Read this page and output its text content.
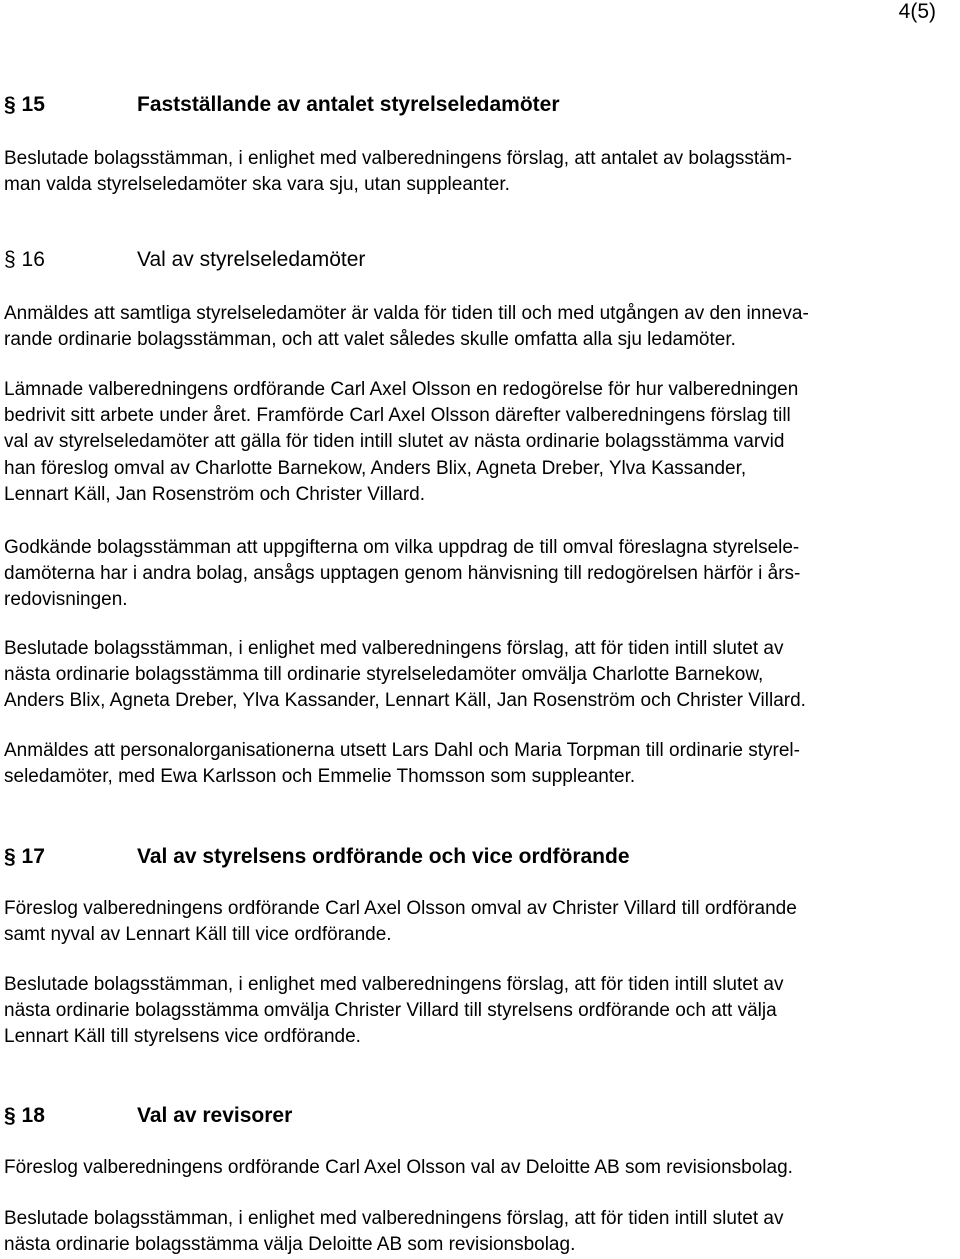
4(5)
§ 15	Fastställande av antalet styrelseledamöter

Beslutade bolagsstämman, i enlighet med valberedningens förslag, att antalet av bolagsstäm-
man valda styrelseledamöter ska vara sju, utan suppleanter.

§ 16	Val av styrelseledamöter

Anmäldes att samtliga styrelseledamöter är valda för tiden till och med utgången av den inneva-
rande ordinarie bolagsstämman, och att valet således skulle omfatta alla sju ledamöter.

Lämnade valberedningens ordförande Carl Axel Olsson en redogörelse för hur valberedningen
bedrivit sitt arbete under året. Framförde Carl Axel Olsson därefter valberedningens förslag till
val av styrelseledamöter att gälla för tiden intill slutet av nästa ordinarie bolagsstämma varvid
han föreslog omval av Charlotte Barnekow, Anders Blix, Agneta Dreber, Ylva Kassander,
Lennart Käll, Jan Rosenström och Christer Villard.

Godkände bolagsstämman att uppgifterna om vilka uppdrag de till omval föreslagna styrelsele-
damöterna har i andra bolag, ansågs upptagen genom hänvisning till redogörelsen härför i års-
redovisningen.

Beslutade bolagsstämman, i enlighet med valberedningens förslag, att för tiden intill slutet av
nästa ordinarie bolagsstämma till ordinarie styrelseledamöter omvälja Charlotte Barnekow,
Anders Blix, Agneta Dreber, Ylva Kassander, Lennart Käll, Jan Rosenström och Christer Villard.

Anmäldes att personalorganisationerna utsett Lars Dahl och Maria Torpman till ordinarie styrel-
seledamöter, med Ewa Karlsson och Emmelie Thomsson som suppleanter.

§ 17	Val av styrelsens ordförande och vice ordförande

Föreslog valberedningens ordförande Carl Axel Olsson omval av Christer Villard till ordförande
samt nyval av Lennart Käll till vice ordförande.

Beslutade bolagsstämman, i enlighet med valberedningens förslag, att för tiden intill slutet av
nästa ordinarie bolagsstämma omvälja Christer Villard till styrelsens ordförande och att välja
Lennart Käll till styrelsens vice ordförande.

§ 18	Val av revisorer

Föreslog valberedningens ordförande Carl Axel Olsson val av Deloitte AB som revisionsbolag.

Beslutade bolagsstämman, i enlighet med valberedningens förslag, att för tiden intill slutet av
nästa ordinarie bolagsstämma välja Deloitte AB som revisionsbolag.
